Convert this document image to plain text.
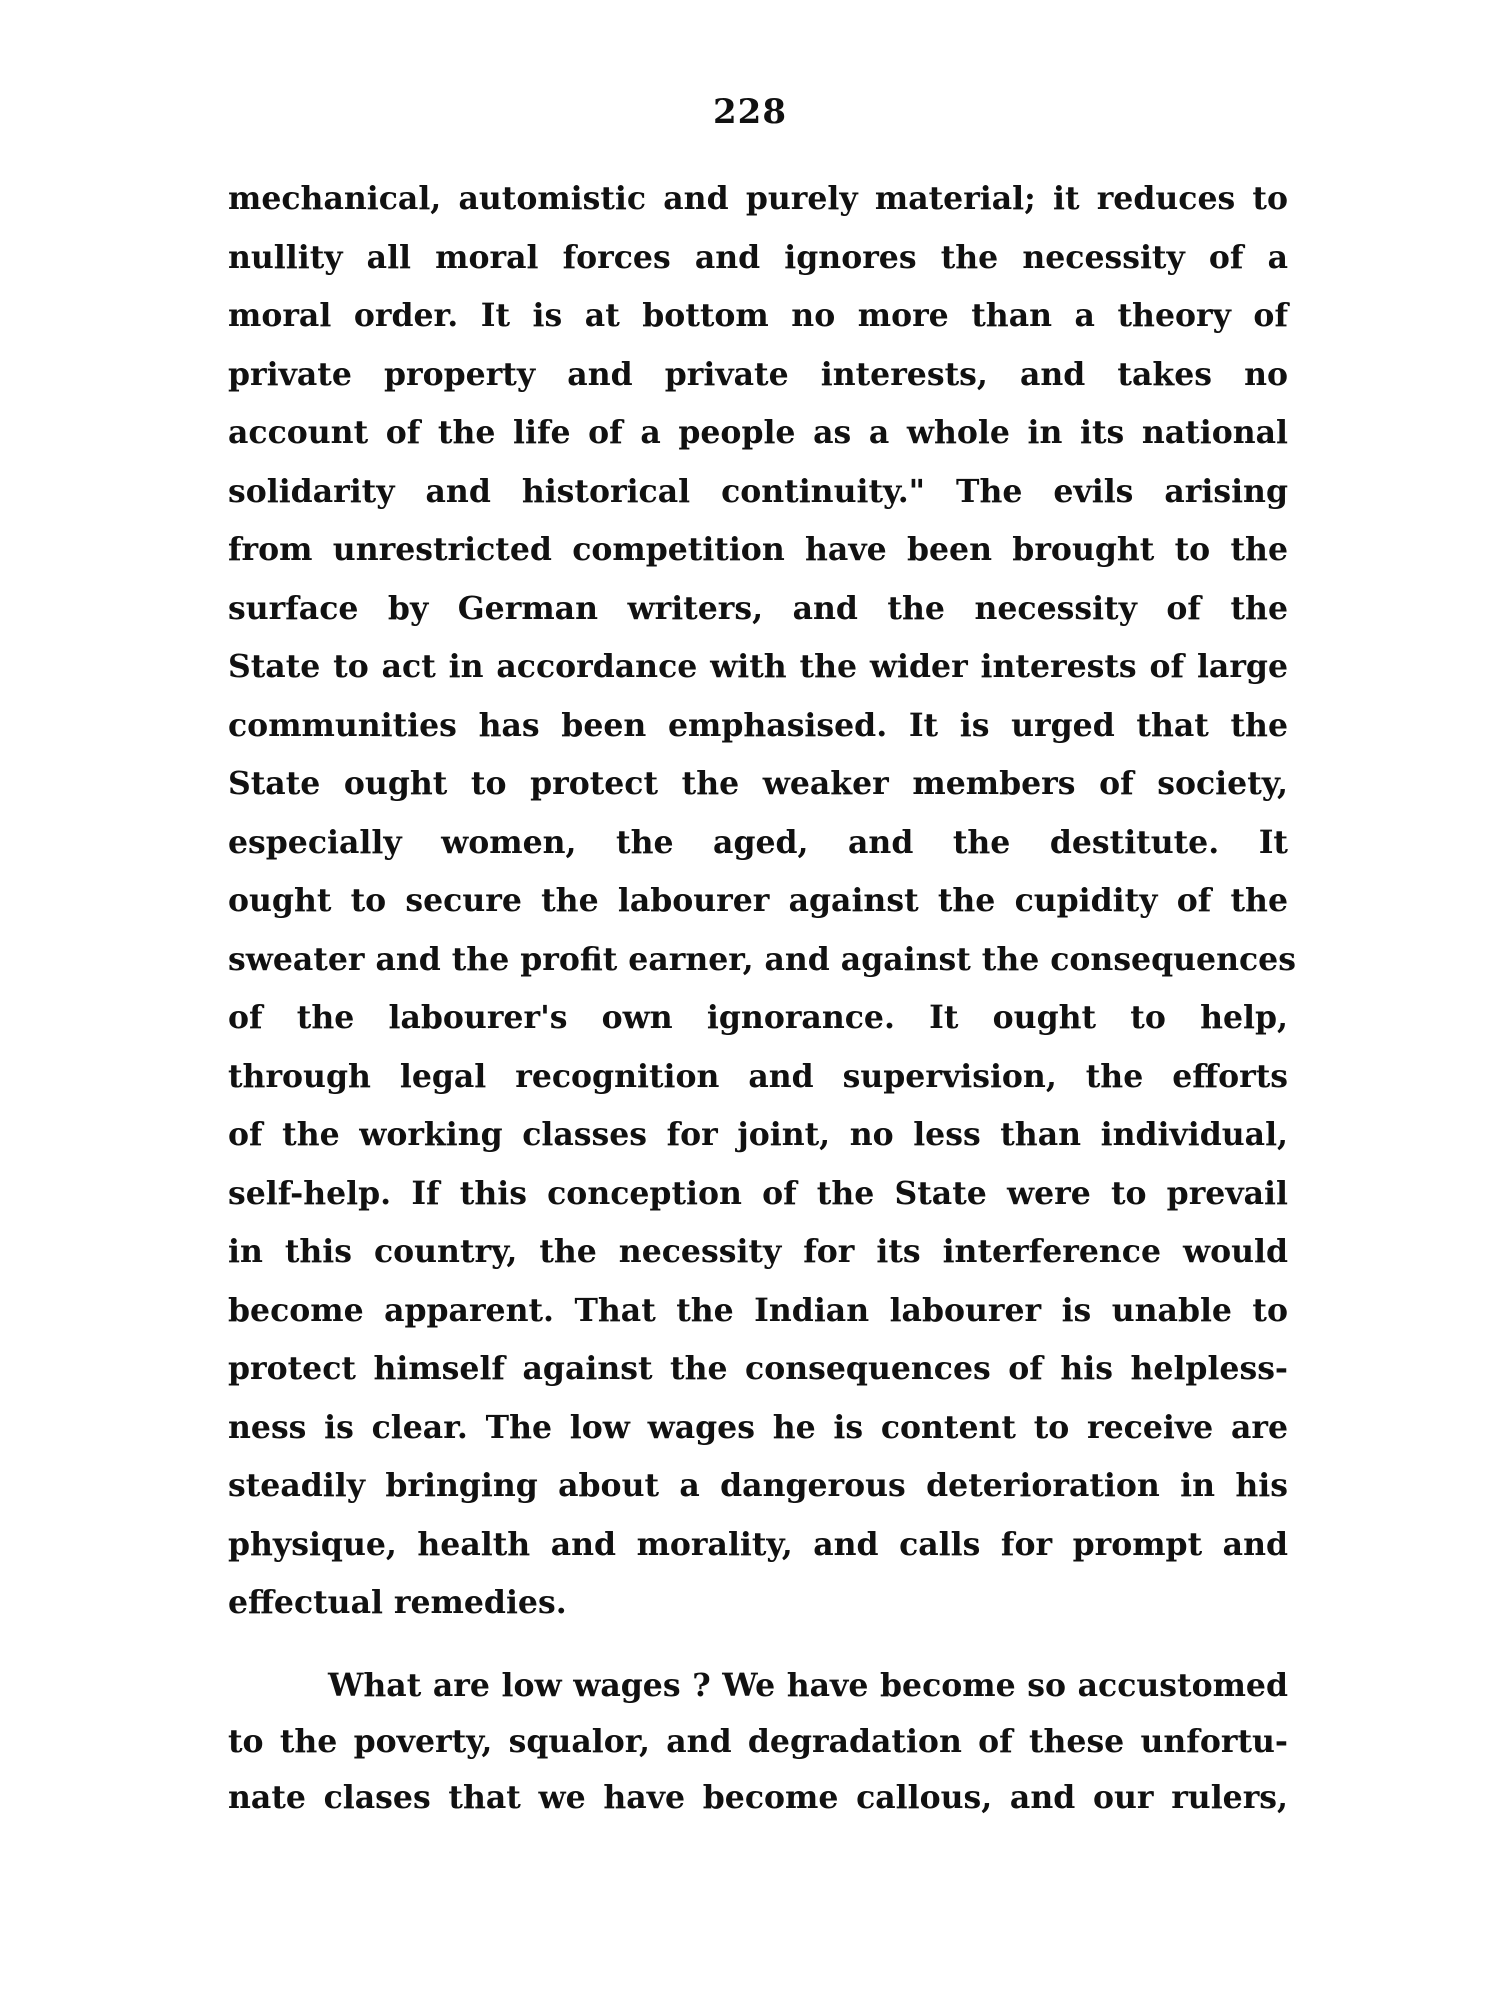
228
mechanical, automistic and purely material; it reduces to
nullity all moral forces and ignores the necessity of a
moral order. It is at bottom no more than a theory of
private property and private interests, and takes no
account of the life of a people as a whole in its national
solidarity and historical continuity." The evils arising
from unrestricted competition have been brought to the
surface by German writers, and the necessity of the
State to act in accordance with the wider interests of large
communities has been emphasised. It is urged that the
State ought to protect the weaker members of society,
especially women, the aged, and the destitute. It
ought to secure the labourer against the cupidity of the
sweater and the profit earner, and against the consequences
of the labourer's own ignorance. It ought to help,
through legal recognition and supervision, the efforts
of the working classes for joint, no less than individual,
self-help. If this conception of the State were to prevail
in this country, the necessity for its interference would
become apparent. That the Indian labourer is unable to
protect himself against the consequences of his helpless-
ness is clear. The low wages he is content to receive are
steadily bringing about a dangerous deterioration in his
physique, health and morality, and calls for prompt and
effectual remedies.
What are low wages ? We have become so accustomed
to the poverty, squalor, and degradation of these unfortu-
nate clases that we have become callous, and our rulers,
